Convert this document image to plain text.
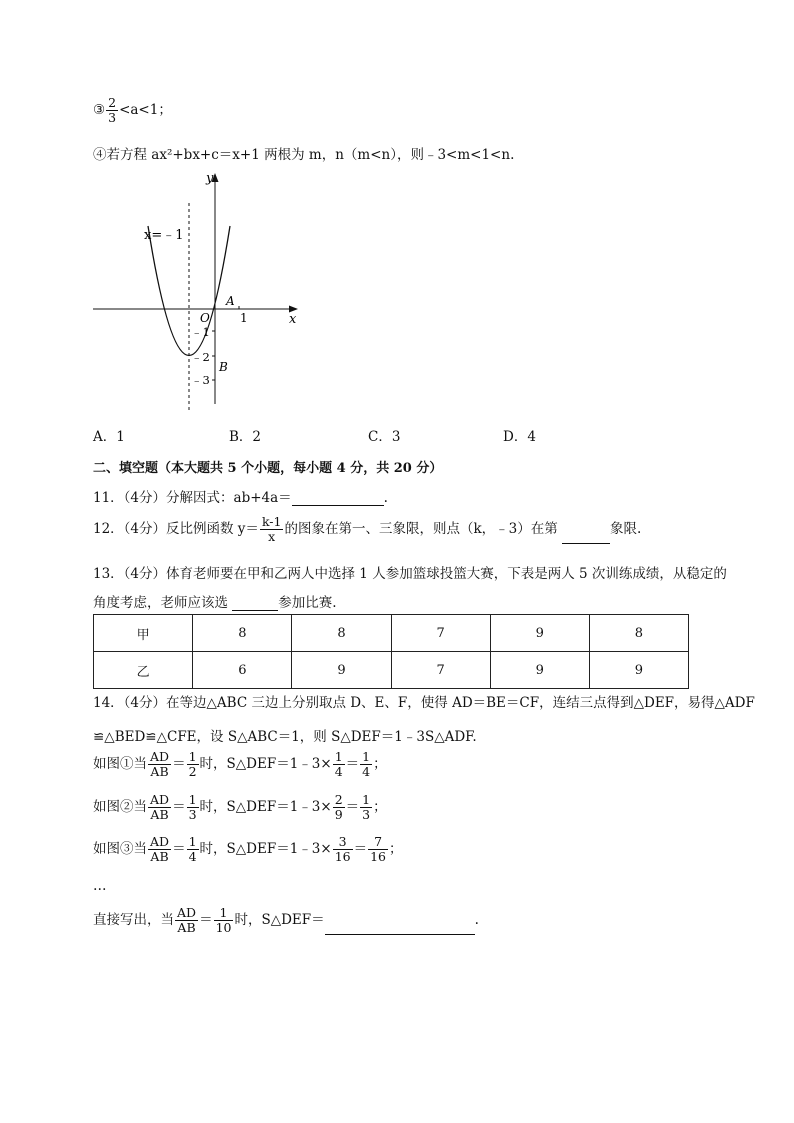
③ $\frac{2}{3} <a<1$；
④若方程 ax²+bx+c＝x+1 两根为 m，n（m<n），则﹣3<m<1<n.
y
x
x=﹣1
O	1
A
B
﹣1
﹣2
﹣3
A．1	B．2	C．3	D．4
二、填空题（本大题共 5 个小题，每小题 4 分，共 20 分）
11．（4分）分解因式：ab+4a＝	.
12．（4分）反比例函数 $y= \frac{k-1}{x}$ 的图象在第一、三象限，则点（k，﹣3）在第	象限.
13．（4分）体育老师要在甲和乙两人中选择 1 人参加篮球投篮大赛，下表是两人 5 次训练成绩，从稳定的
角度考虑，老师应该选	参加比赛.
甲	8	8	7	9	8
乙	6	9	7	9	9
14．（4分）在等边△ABC 三边上分别取点 D、E、F，使得 AD＝BE＝CF，连结三点得到△DEF，易得△ADF
≌△BED≌△CFE，设 S△ABC＝1，则 S△DEF＝1﹣3S△ADF.
如图①当 $\frac{AD}{AB} = \frac{1}{2}$ 时，S△DEF＝1﹣3× $\frac{1}{4} = \frac{1}{4}$ ；
如图②当 $\frac{AD}{AB} = \frac{1}{3}$ 时，S△DEF＝1﹣3× $\frac{2}{9} = \frac{1}{3}$ ；
如图③当 $\frac{AD}{AB} = \frac{1}{4}$ 时，S△DEF＝1﹣3× $\frac{3}{16} = \frac{7}{16}$ ；
…
直接写出，当 $\frac{AD}{AB} = \frac{1}{10}$ 时，S△DEF＝	.
